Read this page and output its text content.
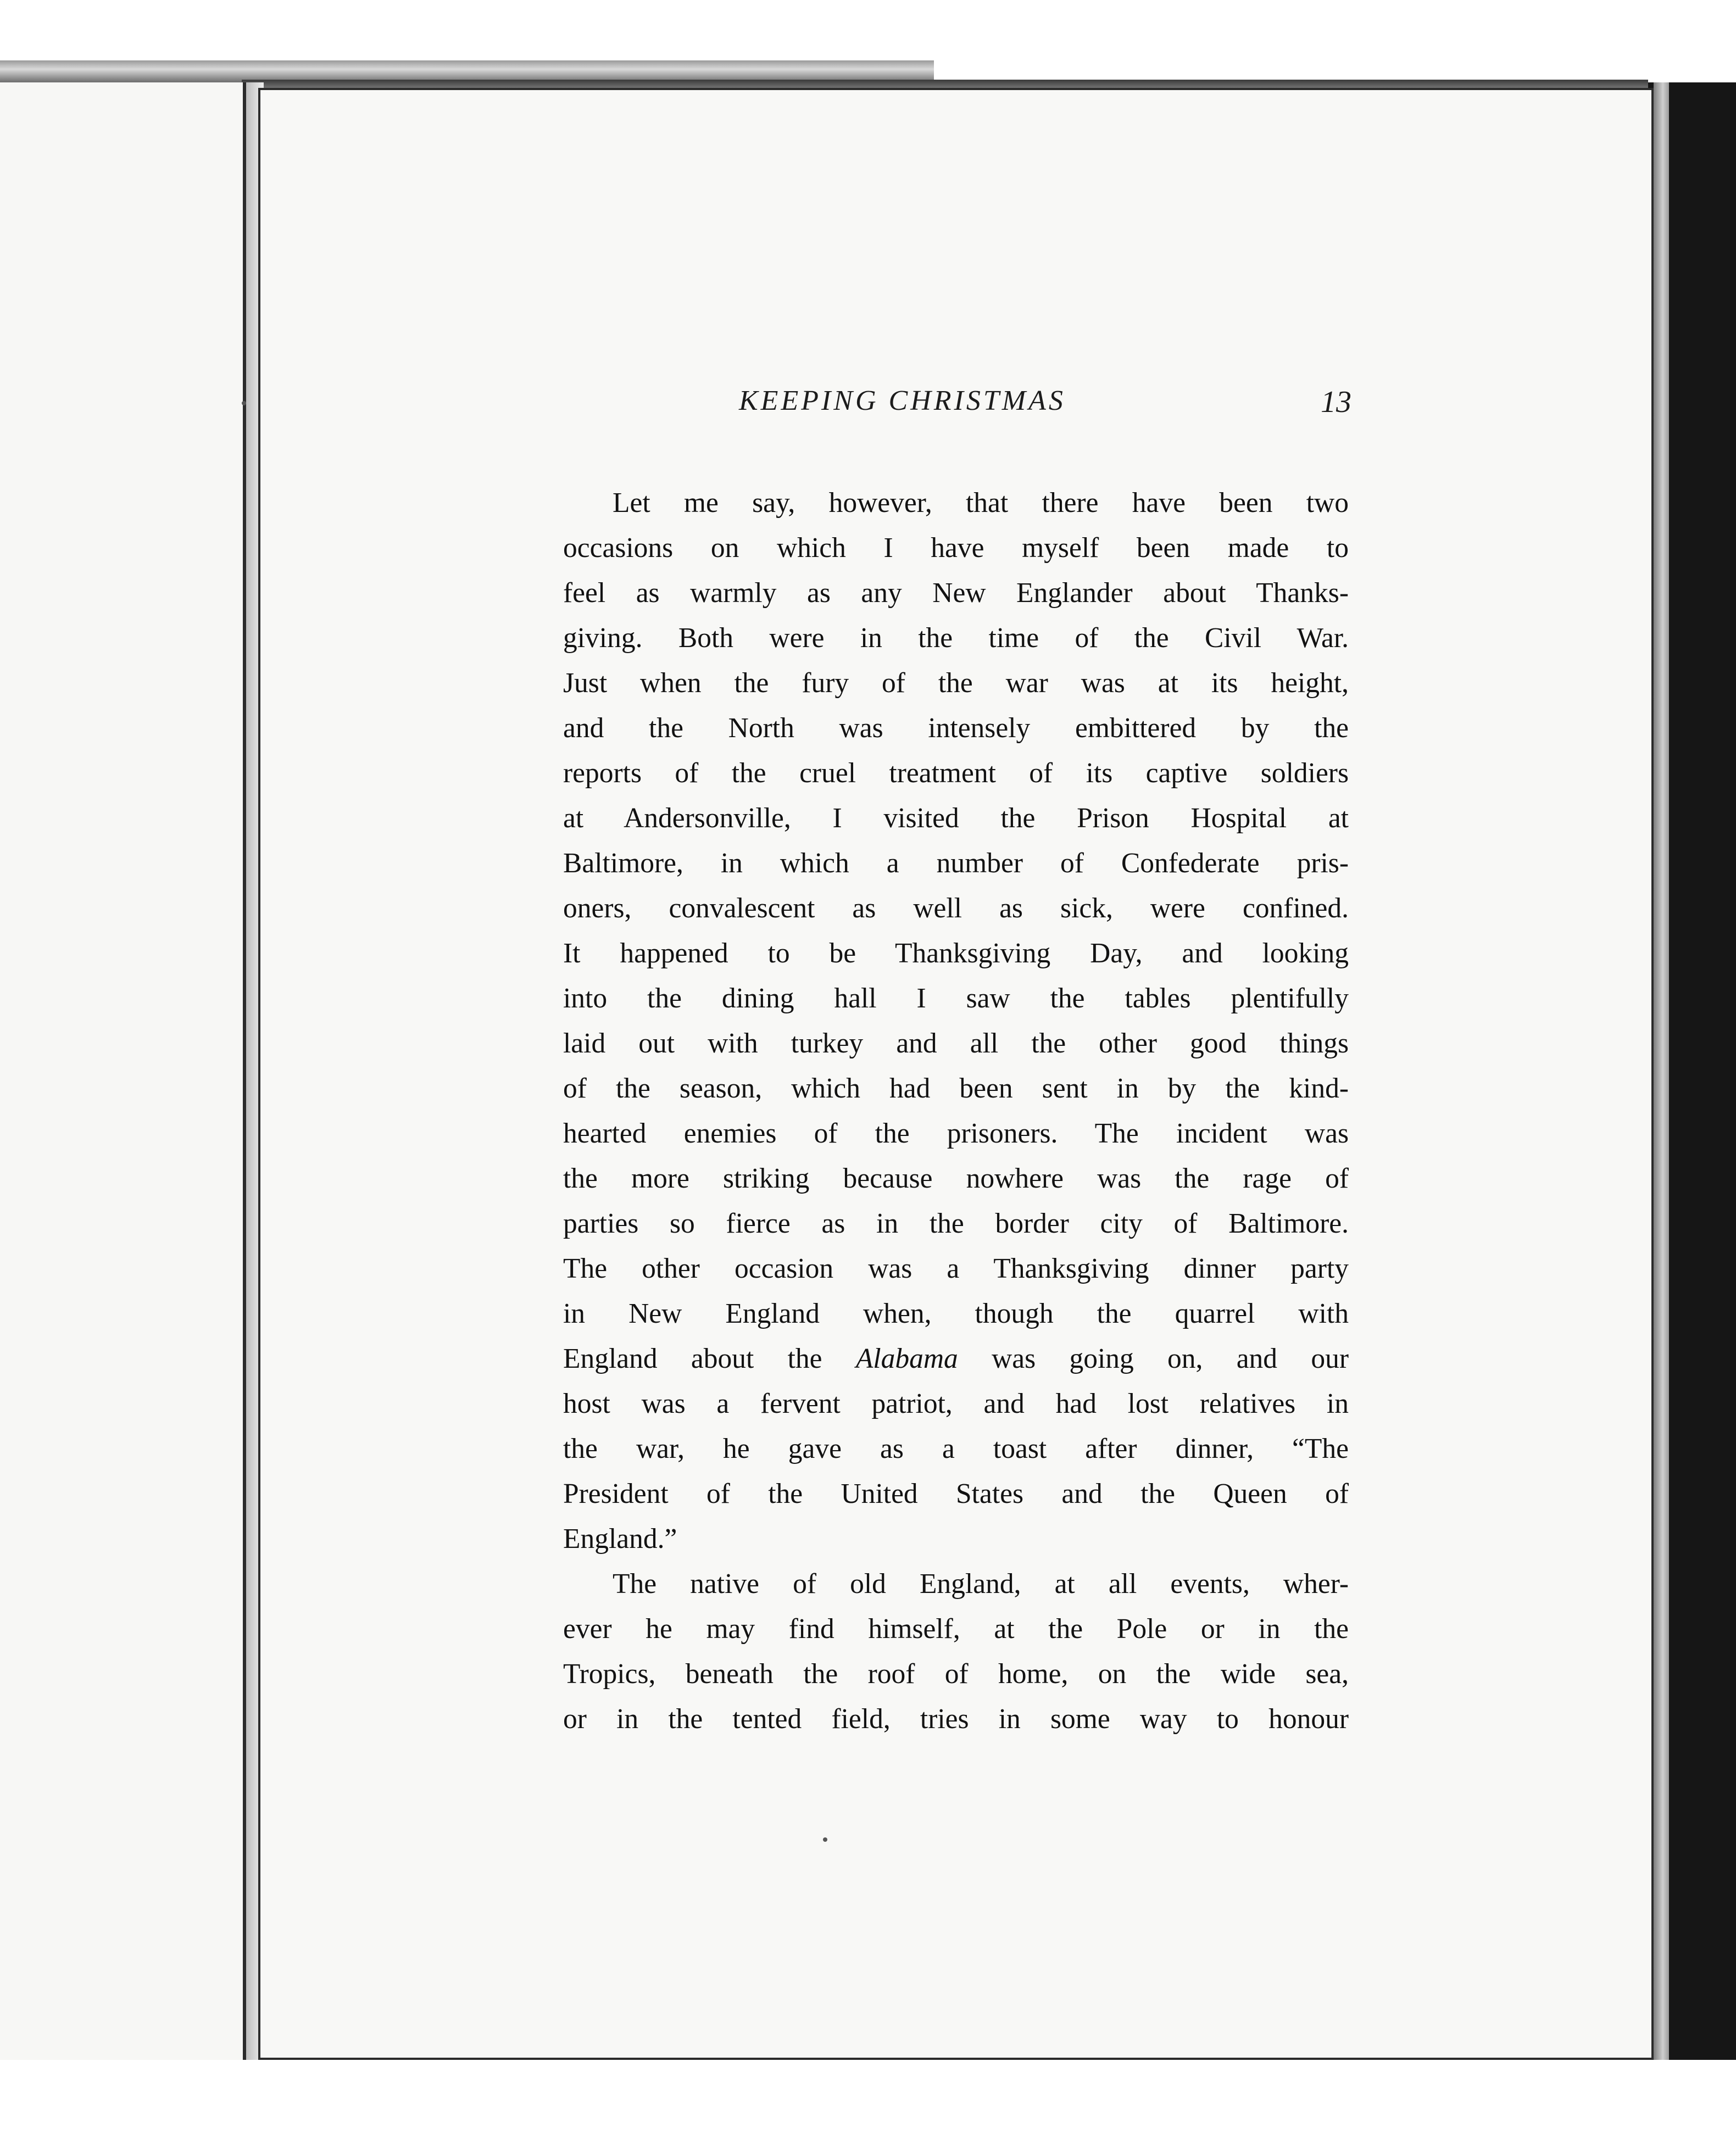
KEEPING CHRISTMAS	13
Let me say, however, that there have been two
occasions on which I have myself been made to
feel as warmly as any New Englander about Thanks-
giving. Both were in the time of the Civil War.
Just when the fury of the war was at its height,
and the North was intensely embittered by the
reports of the cruel treatment of its captive soldiers
at Andersonville, I visited the Prison Hospital at
Baltimore, in which a number of Confederate pris-
oners, convalescent as well as sick, were confined.
It happened to be Thanksgiving Day, and looking
into the dining hall I saw the tables plentifully
laid out with turkey and all the other good things
of the season, which had been sent in by the kind-
hearted enemies of the prisoners. The incident was
the more striking because nowhere was the rage of
parties so fierce as in the border city of Baltimore.
The other occasion was a Thanksgiving dinner party
in New England when, though the quarrel with
England about the Alabama was going on, and our
host was a fervent patriot, and had lost relatives in
the war, he gave as a toast after dinner, “The
President of the United States and the Queen of
England.”
The native of old England, at all events, wher-
ever he may find himself, at the Pole or in the
Tropics, beneath the roof of home, on the wide sea,
or in the tented field, tries in some way to honour
